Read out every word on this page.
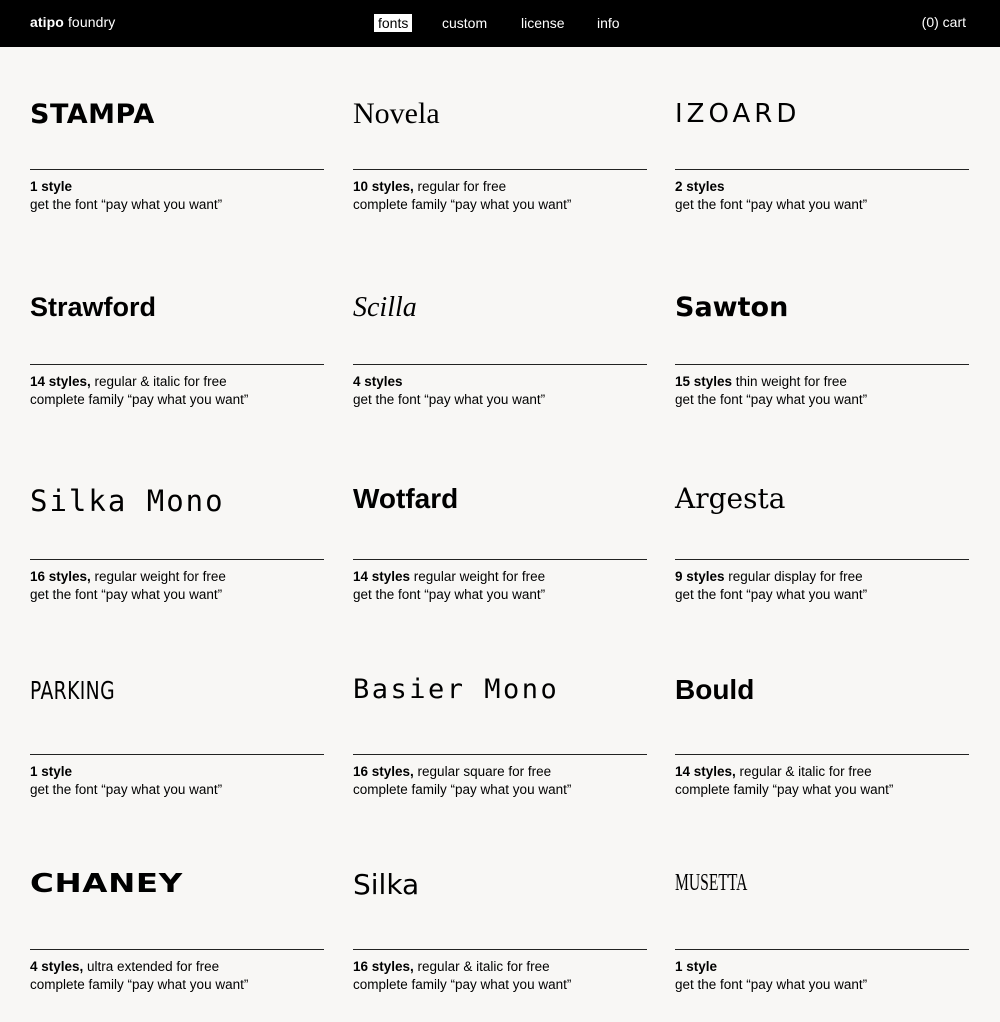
atipo foundry	fonts custom license info	(0) cart
STAMPA
1 style
get the font “pay what you want”
Novela
10 styles, regular for free
complete family “pay what you want”
IZOARD
2 styles
get the font “pay what you want”
Strawford
14 styles, regular & italic for free
complete family “pay what you want”
Scilla
4 styles
get the font “pay what you want”
Sawton
15 styles thin weight for free
get the font “pay what you want”
Silka Mono
16 styles, regular weight for free
get the font “pay what you want”
Wotfard
14 styles regular weight for free
get the font “pay what you want”
Argesta
9 styles regular display for free
get the font “pay what you want”
PARKING
1 style
get the font “pay what you want”
Basier Mono
16 styles, regular square for free
complete family “pay what you want”
Bould
14 styles, regular & italic for free
complete family “pay what you want”
CHANEY
4 styles, ultra extended for free
complete family “pay what you want”
Silka
16 styles, regular & italic for free
complete family “pay what you want”
MUSETTA
1 style
get the font “pay what you want”
